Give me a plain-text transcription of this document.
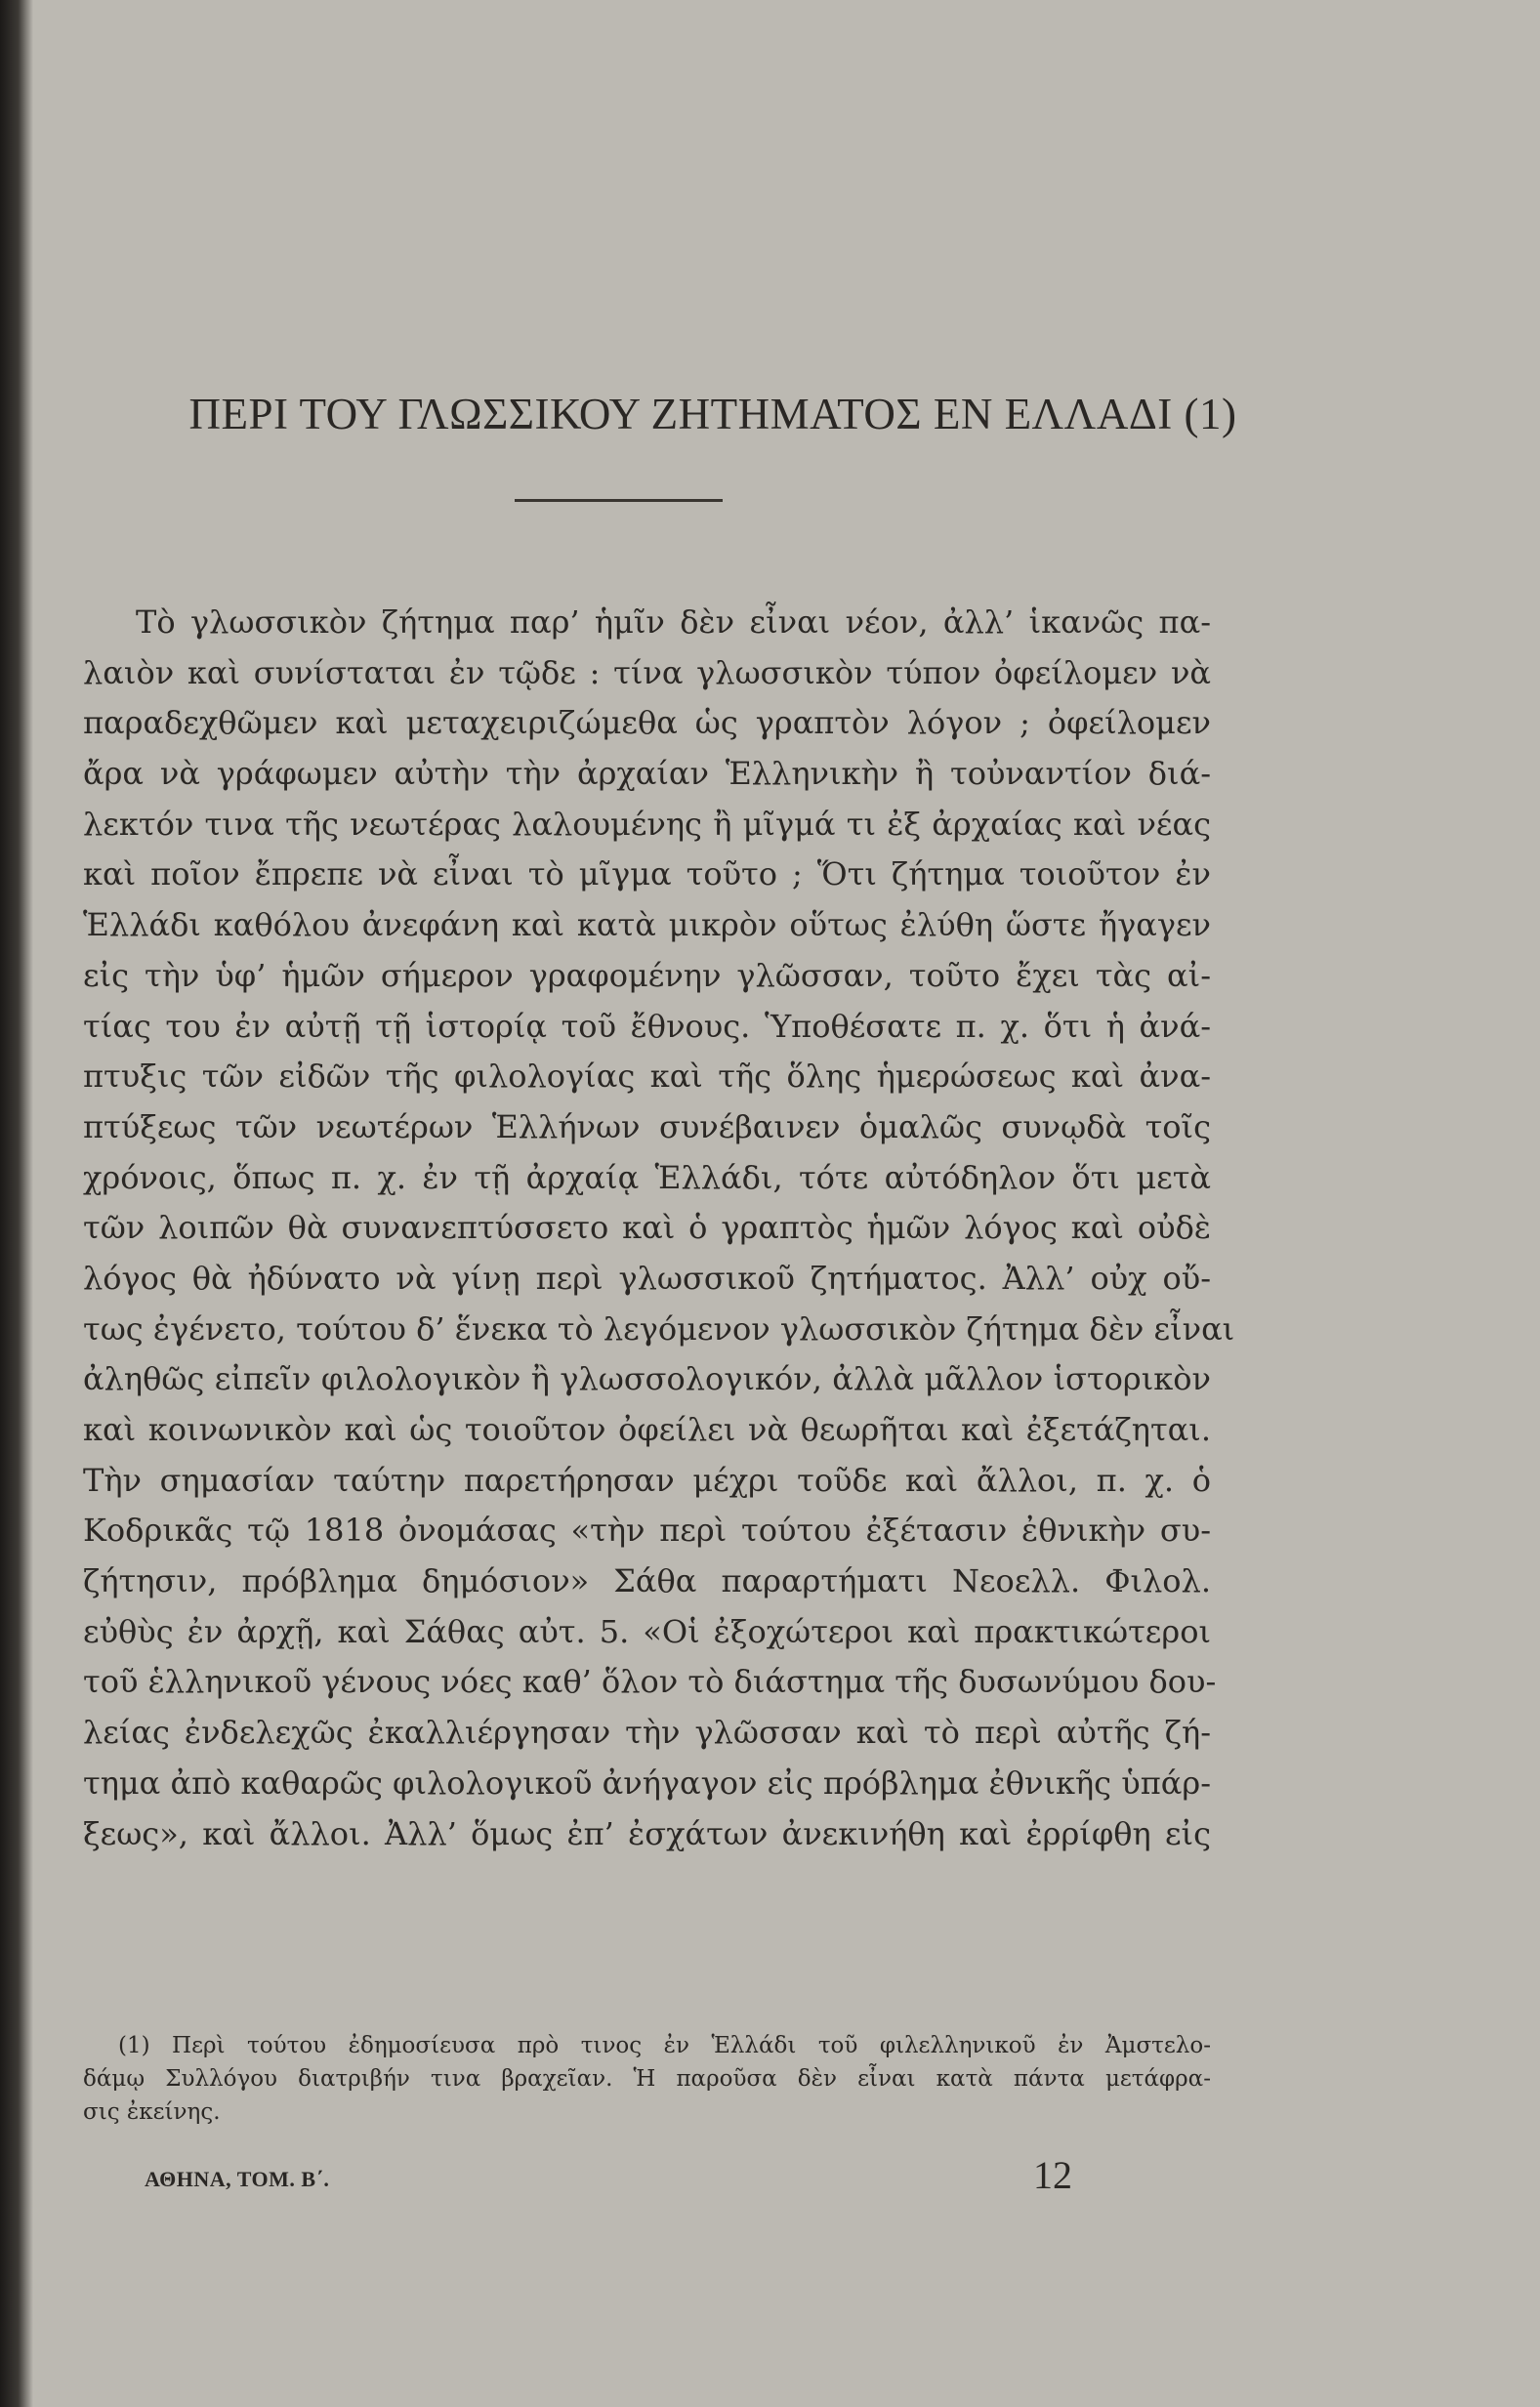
ΠΕΡΙ ΤΟΥ ΓΛΩΣΣΙΚΟΥ ΖΗΤΗΜΑΤΟΣ ΕΝ ΕΛΛΑΔΙ (1)
Τὸ γλωσσικὸν ζήτημα παρ’ ἡμῖν δὲν εἶναι νέον, ἀλλ’ ἱκανῶς πα-
λαιὸν καὶ συνίσταται ἐν τῷδε : τίνα γλωσσικὸν τύπον ὀφείλομεν νὰ
παραδεχθῶμεν καὶ μεταχειριζώμεθα ὡς γραπτὸν λόγον ; ὀφείλομεν
ἄρα νὰ γράφωμεν αὐτὴν τὴν ἀρχαίαν Ἑλληνικὴν ἢ τοὐναντίον διά-
λεκτόν τινα τῆς νεωτέρας λαλουμένης ἢ μῖγμά τι ἐξ ἀρχαίας καὶ νέας
καὶ ποῖον ἔπρεπε νὰ εἶναι τὸ μῖγμα τοῦτο ; Ὅτι ζήτημα τοιοῦτον ἐν
Ἑλλάδι καθόλου ἀνεφάνη καὶ κατὰ μικρὸν οὕτως ἐλύθη ὥστε ἤγαγεν
εἰς τὴν ὑφ’ ἡμῶν σήμερον γραφομένην γλῶσσαν, τοῦτο ἔχει τὰς αἰ-
τίας του ἐν αὐτῇ τῇ ἱστορίᾳ τοῦ ἔθνους. Ὑποθέσατε π. χ. ὅτι ἡ ἀνά-
πτυξις τῶν εἰδῶν τῆς φιλολογίας καὶ τῆς ὅλης ἡμερώσεως καὶ ἀνα-
πτύξεως τῶν νεωτέρων Ἑλλήνων συνέβαινεν ὁμαλῶς συνῳδὰ τοῖς
χρόνοις, ὅπως π. χ. ἐν τῇ ἀρχαίᾳ Ἑλλάδι, τότε αὐτόδηλον ὅτι μετὰ
τῶν λοιπῶν θὰ συνανεπτύσσετο καὶ ὁ γραπτὸς ἡμῶν λόγος καὶ οὐδὲ
λόγος θὰ ἠδύνατο νὰ γίνῃ περὶ γλωσσικοῦ ζητήματος. Ἀλλ’ οὐχ οὔ-
τως ἐγένετο, τούτου δ’ ἕνεκα τὸ λεγόμενον γλωσσικὸν ζήτημα δὲν εἶναι
ἀληθῶς εἰπεῖν φιλολογικὸν ἢ γλωσσολογικόν, ἀλλὰ μᾶλλον ἱστορικὸν
καὶ κοινωνικὸν καὶ ὡς τοιοῦτον ὀφείλει νὰ θεωρῆται καὶ ἐξετάζηται.
Τὴν σημασίαν ταύτην παρετήρησαν μέχρι τοῦδε καὶ ἄλλοι, π. χ. ὁ
Κοδρικᾶς τῷ 1818 ὀνομάσας «τὴν περὶ τούτου ἐξέτασιν ἐθνικὴν συ-
ζήτησιν, πρόβλημα δημόσιον» Σάθα παραρτήματι Νεοελλ. Φιλολ.
εὐθὺς ἐν ἀρχῇ, καὶ Σάθας αὐτ. 5. «Οἱ ἐξοχώτεροι καὶ πρακτικώτεροι
τοῦ ἑλληνικοῦ γένους νόες καθ’ ὅλον τὸ διάστημα τῆς δυσωνύμου δου-
λείας ἐνδελεχῶς ἐκαλλιέργησαν τὴν γλῶσσαν καὶ τὸ περὶ αὐτῆς ζή-
τημα ἀπὸ καθαρῶς φιλολογικοῦ ἀνήγαγον εἰς πρόβλημα ἐθνικῆς ὑπάρ-
ξεως», καὶ ἄλλοι. Ἀλλ’ ὅμως ἐπ’ ἐσχάτων ἀνεκινήθη καὶ ἐρρίφθη εἰς
(1) Περὶ τούτου ἐδημοσίευσα πρὸ τινος ἐν Ἑλλάδι τοῦ φιλελληνικοῦ ἐν Ἀμστελο-
δάμῳ Συλλόγου διατριβήν τινα βραχεῖαν. Ἡ παροῦσα δὲν εἶναι κατὰ πάντα μετάφρα-
σις ἐκείνης.
ΑΘΗΝΑ, ΤΟΜ. Β΄.	12
